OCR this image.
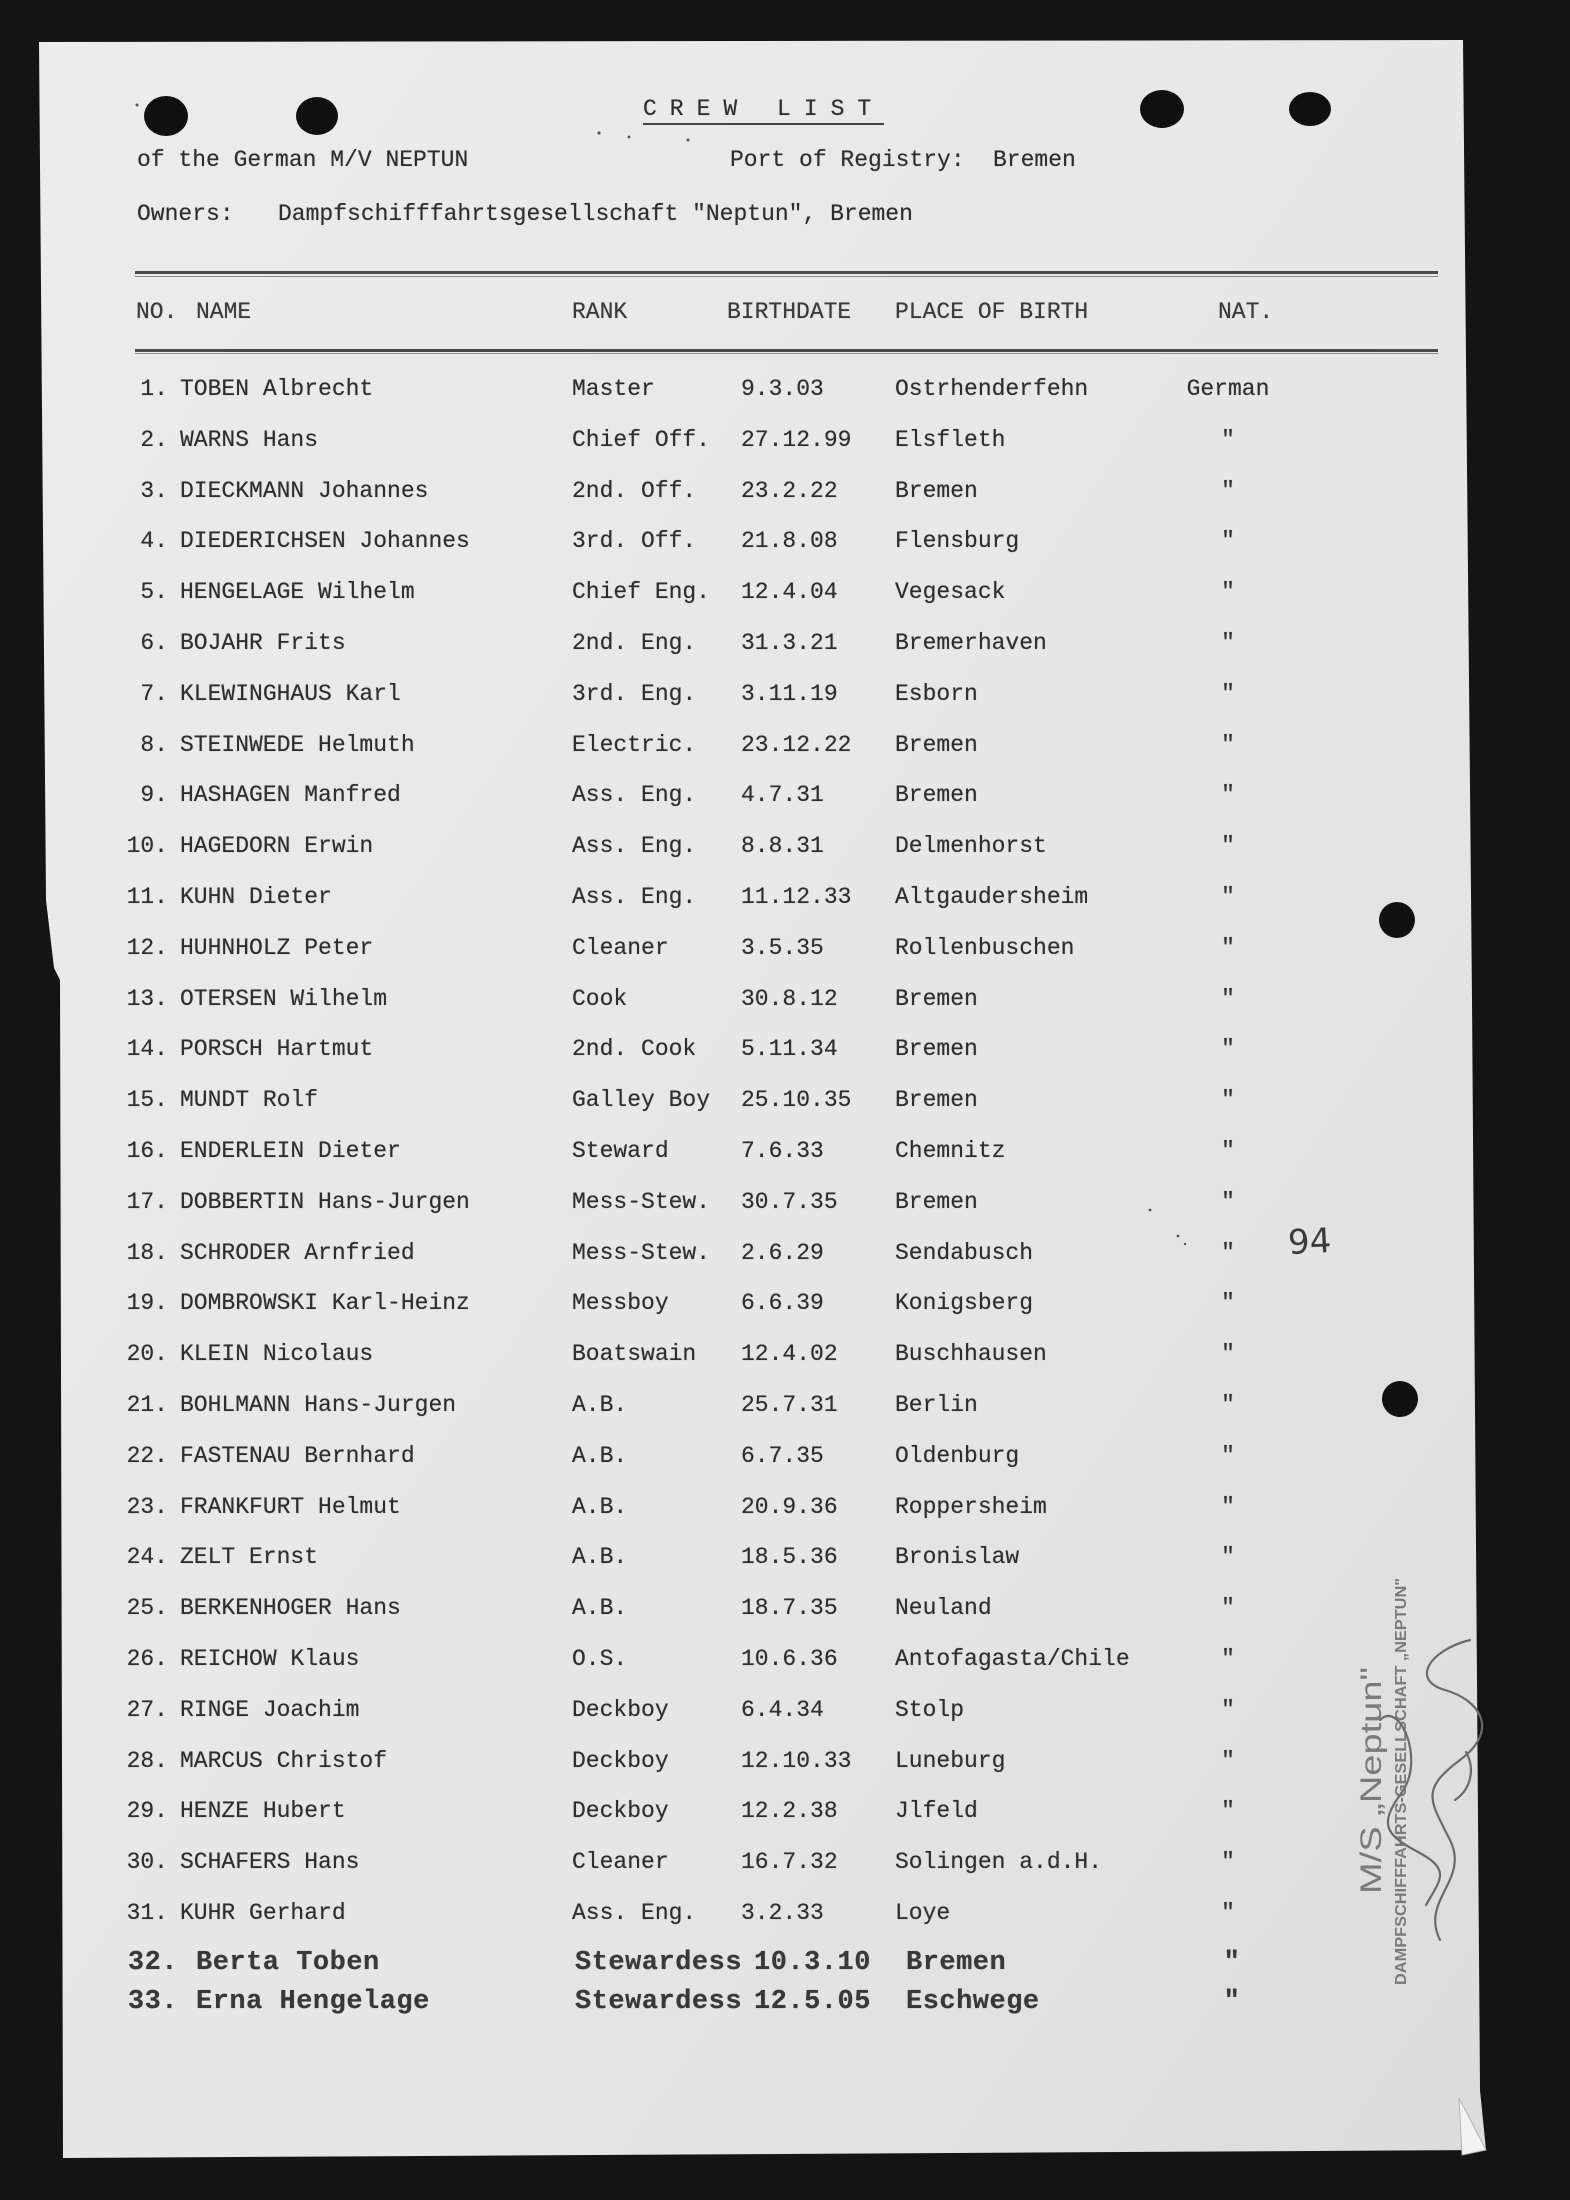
CREW LIST
of the German M/V NEPTUN	Port of Registry: Bremen
Owners: Dampfschifffahrtsgesellschaft "Neptun", Bremen
NO. NAME	RANK	BIRTHDATE PLACE OF BIRTH	NAT.
1. TOBEN Albrecht	Master	9.3.03	Ostrhenderfehn	German
2. WARNS Hans	Chief Off. 27.12.99 Elsfleth	"
3. DIECKMANN Johannes	2nd. Off. 23.2.22 Bremen	"
4. DIEDERICHSEN Johannes	3rd. Off. 21.8.08 Flensburg	"
5. HENGELAGE Wilhelm	Chief Eng. 12.4.04 Vegesack	"
6. BOJAHR Frits	2nd. Eng. 31.3.21 Bremerhaven	"
7. KLEWINGHAUS Karl	3rd. Eng. 3.11.19 Esborn	"
8. STEINWEDE Helmuth	Electric. 23.12.22 Bremen	"
9. HASHAGEN Manfred	Ass. Eng. 4.7.31	Bremen	"
10. HAGEDORN Erwin	Ass. Eng. 8.8.31	Delmenhorst	"
11. KUHN Dieter	Ass. Eng. 11.12.33 Altgaudersheim	"
12. HUHNHOLZ Peter	Cleaner	3.5.35	Rollenbuschen	"
13. OTERSEN Wilhelm	Cook	30.8.12 Bremen	"
14. PORSCH Hartmut	2nd. Cook 5.11.34 Bremen	"
15. MUNDT Rolf	Galley Boy 25.10.35 Bremen	"
16. ENDERLEIN Dieter	Steward	7.6.33	Chemnitz	"
17. DOBBERTIN Hans-Jurgen	Mess-Stew. 30.7.35 Bremen	"
18. SCHRODER Arnfried	Mess-Stew. 2.6.29	Sendabusch	"
19. DOMBROWSKI Karl-Heinz	Messboy	6.6.39	Konigsberg	"
20. KLEIN Nicolaus	Boatswain 12.4.02 Buschhausen	"
21. BOHLMANN Hans-Jurgen	A.B.	25.7.31 Berlin	"
22. FASTENAU Bernhard	A.B.	6.7.35	Oldenburg	"
23. FRANKFURT Helmut	A.B.	20.9.36 Roppersheim	"
24. ZELT Ernst	A.B.	18.5.36 Bronislaw	"
25. BERKENHOGER Hans	A.B.	18.7.35 Neuland	"
26. REICHOW Klaus	O.S.	10.6.36 Antofagasta/Chile	"
27. RINGE Joachim	Deckboy	6.4.34	Stolp	"
28. MARCUS Christof	Deckboy	12.10.33 Luneburg	"
29. HENZE Hubert	Deckboy	12.2.38 Jlfeld	"
30. SCHAFERS Hans	Cleaner	16.7.32 Solingen a.d.H.	"
31. KUHR Gerhard	Ass. Eng. 3.2.33	Loye	"
32. Berta Toben	Stewardess 10.3.10 Bremen	"
33. Erna Hengelage	Stewardess 12.5.05 Eschwege	"
94
M/S „Neptun" DAMPFSCHIFFFAHRTS-GESELLSCHAFT „NEPTUN"
